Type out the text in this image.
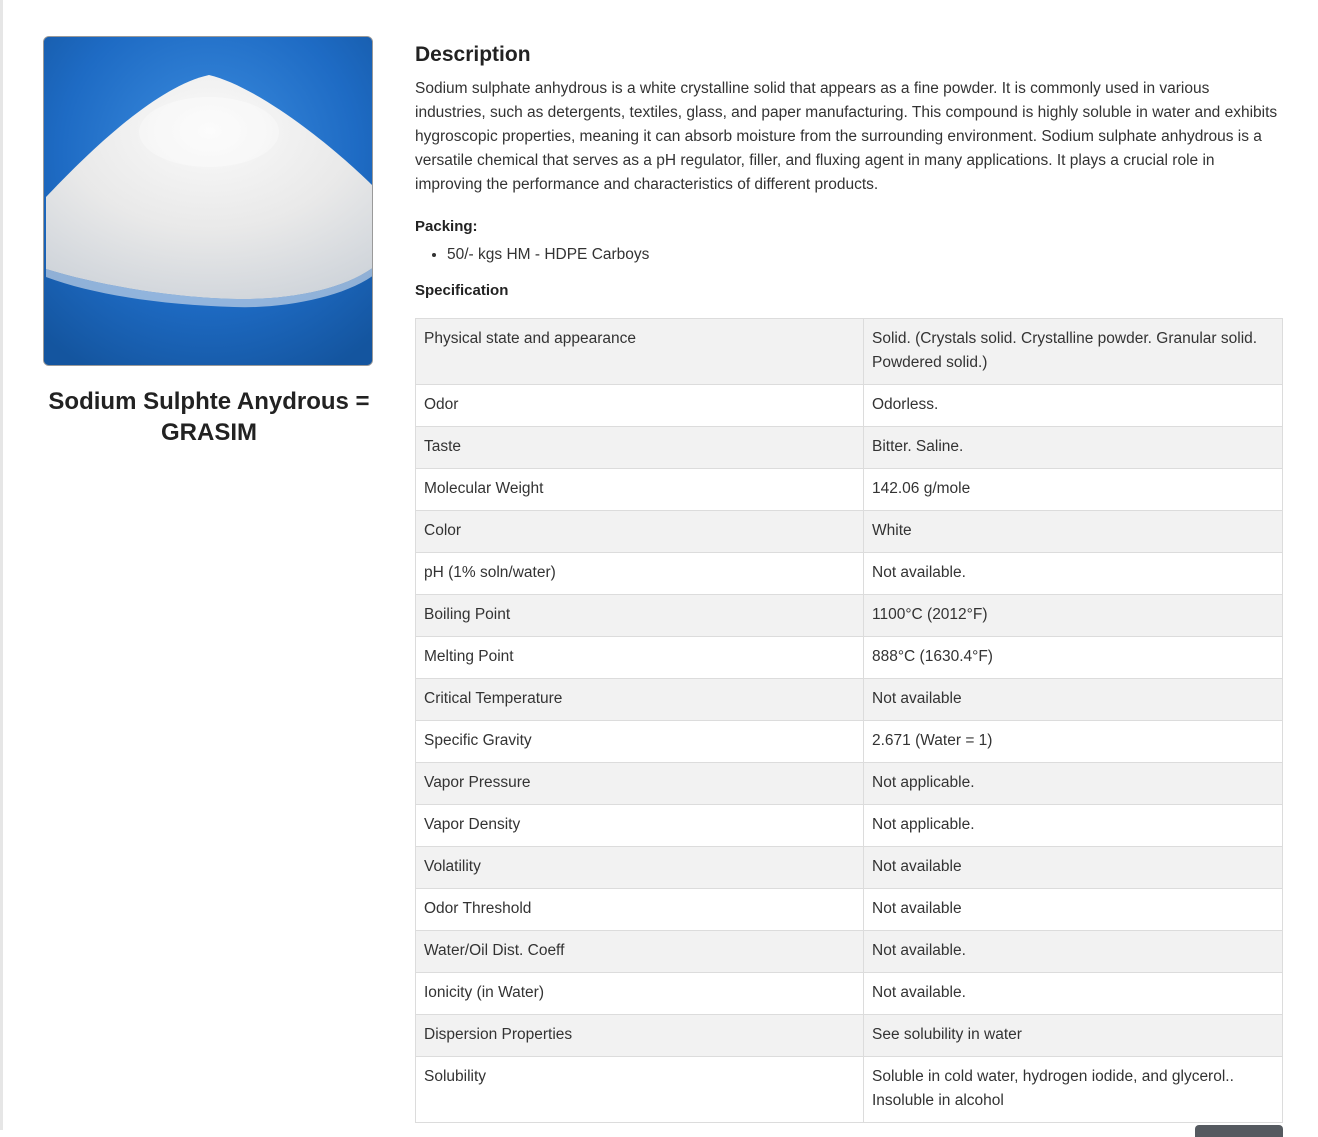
Sodium Sulphte Anydrous = GRASIM
Description

Sodium sulphate anhydrous is a white crystalline solid that appears as a fine powder. It is commonly used in various industries, such as detergents, textiles, glass, and paper manufacturing. This compound is highly soluble in water and exhibits hygroscopic properties, meaning it can absorb moisture from the surrounding environment. Sodium sulphate anhydrous is a versatile chemical that serves as a pH regulator, filler, and fluxing agent in many applications. It plays a crucial role in improving the performance and characteristics of different products.

Packing:
• 50/- kgs HM - HDPE Carboys
Specification
Physical state and appearance	Solid. (Crystals solid. Crystalline powder. Granular solid. Powdered solid.)
Odor	Odorless.
Taste	Bitter. Saline.
Molecular Weight	142.06 g/mole
Color	White
pH (1% soln/water)	Not available.
Boiling Point	1100°C (2012°F)
Melting Point	888°C (1630.4°F)
Critical Temperature	Not available
Specific Gravity	2.671 (Water = 1)
Vapor Pressure	Not applicable.
Vapor Density	Not applicable.
Volatility	Not available
Odor Threshold	Not available
Water/Oil Dist. Coeff	Not available.
Ionicity (in Water)	Not available.
Dispersion Properties	See solubility in water
Solubility	Soluble in cold water, hydrogen iodide, and glycerol.. Insoluble in alcohol
